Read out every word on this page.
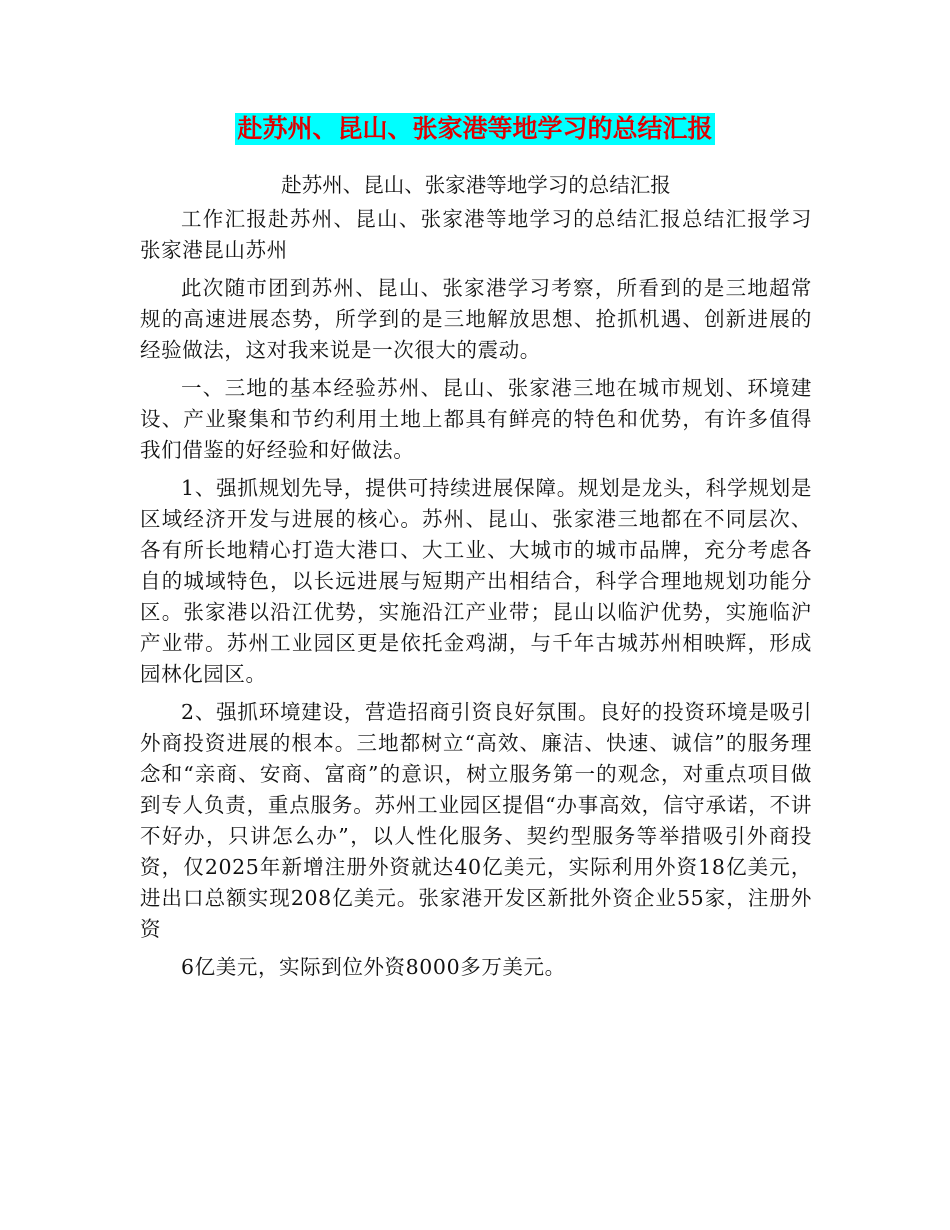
赴苏州、昆山、张家港等地学习的总结汇报
赴苏州、昆山、张家港等地学习的总结汇报

工作汇报赴苏州、昆山、张家港等地学习的总结汇报总结汇报学习张家港昆山苏州

此次随市团到苏州、昆山、张家港学习考察，所看到的是三地超常规的高速进展态势，所学到的是三地解放思想、抢抓机遇、创新进展的经验做法，这对我来说是一次很大的震动。

一、三地的基本经验苏州、昆山、张家港三地在城市规划、环境建设、产业聚集和节约利用土地上都具有鲜亮的特色和优势，有许多值得我们借鉴的好经验和好做法。

1、强抓规划先导，提供可持续进展保障。规划是龙头，科学规划是区域经济开发与进展的核心。苏州、昆山、张家港三地都在不同层次、各有所长地精心打造大港口、大工业、大城市的城市品牌，充分考虑各自的城域特色，以长远进展与短期产出相结合，科学合理地规划功能分区。张家港以沿江优势，实施沿江产业带；昆山以临沪优势，实施临沪产业带。苏州工业园区更是依托金鸡湖，与千年古城苏州相映辉，形成园林化园区。

2、强抓环境建设，营造招商引资良好氛围。良好的投资环境是吸引外商投资进展的根本。三地都树立“高效、廉洁、快速、诚信”的服务理念和“亲商、安商、富商”的意识，树立服务第一的观念，对重点项目做到专人负责，重点服务。苏州工业园区提倡“办事高效，信守承诺，不讲不好办，只讲怎么办”，以人性化服务、契约型服务等举措吸引外商投资，仅2025年新增注册外资就达40亿美元，实际利用外资18亿美元，进出口总额实现208亿美元。张家港开发区新批外资企业55家，注册外资

6亿美元，实际到位外资8000多万美元。
